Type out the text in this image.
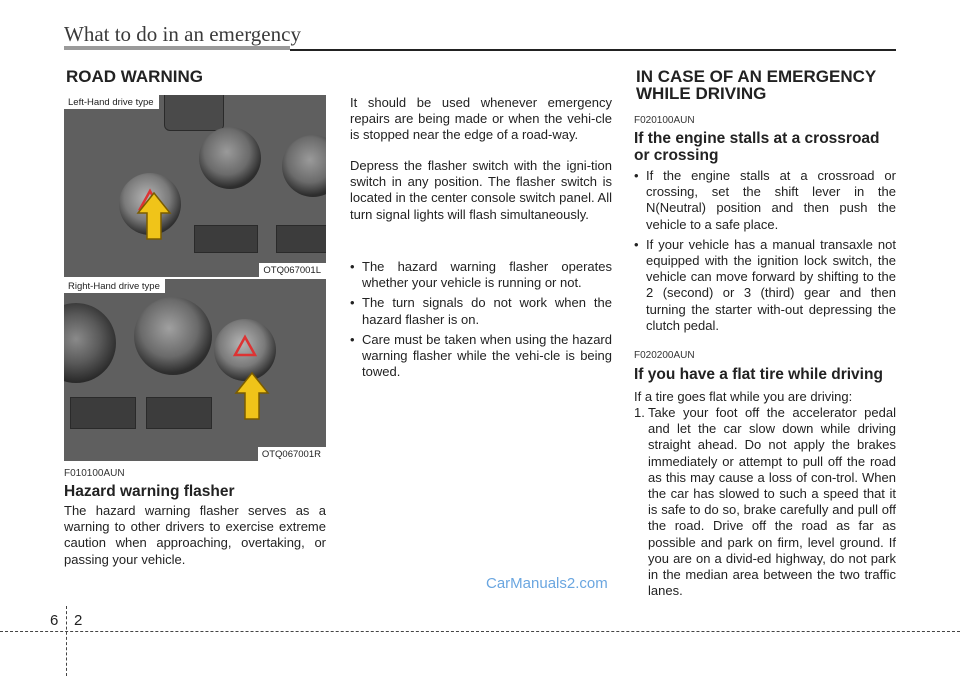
What to do in an emergency
ROAD WARNING
Left-Hand drive type
OTQ067001L
Right-Hand drive type
OTQ067001R
F010100AUN
Hazard warning flasher

The hazard warning flasher serves as a warning to other drivers to exercise extreme caution when approaching, overtaking, or passing your vehicle.

It should be used whenever emergency repairs are being made or when the vehi-cle is stopped near the edge of a road-way.

Depress the flasher switch with the igni-tion switch in any position. The flasher switch is located in the center console switch panel. All turn signal lights will flash simultaneously.

• The hazard warning flasher operates whether your vehicle is running or not.
• The turn signals do not work when the hazard flasher is on.
• Care must be taken when using the hazard warning flasher while the vehi-cle is being towed.
IN CASE OF AN EMERGENCY
WHILE DRIVING
F020100AUN
If the engine stalls at a crossroad
or crossing
• If the engine stalls at a crossroad or crossing, set the shift lever in the N(Neutral) position and then push the vehicle to a safe place.
• If your vehicle has a manual transaxle not equipped with the ignition lock switch, the vehicle can move forward by shifting to the 2 (second) or 3 (third) gear and then turning the starter with-out depressing the clutch pedal.
F020200AUN
If you have a flat tire while driving

If a tire goes flat while you are driving:

1. Take your foot off the accelerator pedal and let the car slow down while driving straight ahead. Do not apply the brakes immediately or attempt to pull off the road as this may cause a loss of con-trol. When the car has slowed to such a speed that it is safe to do so, brake carefully and pull off the road. Drive off the road as far as possible and park on firm, level ground. If you are on a divid-ed highway, do not park in the median area between the two traffic lanes.
CarManuals2.com
6 2
